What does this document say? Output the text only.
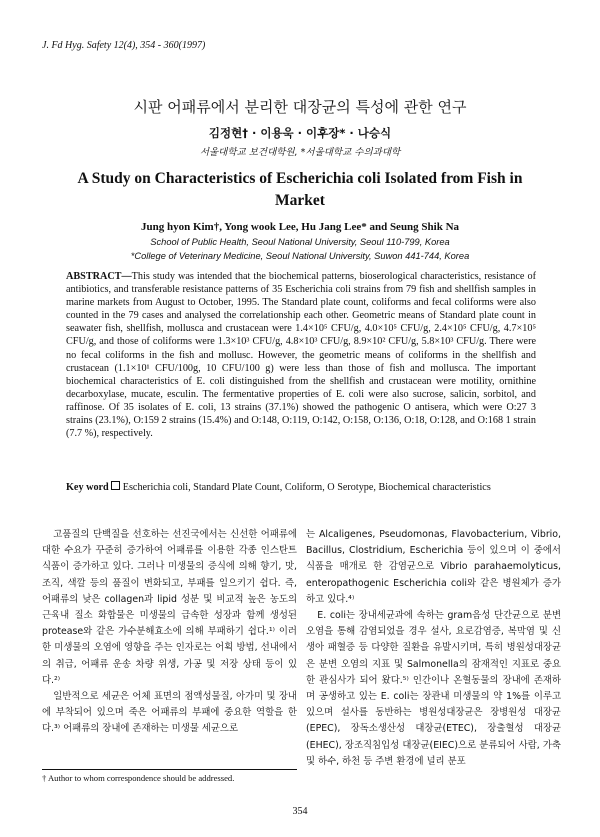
J. Fd Hyg. Safety 12(4), 354 - 360(1997)
시판 어패류에서 분리한 대장균의 특성에 관한 연구
김정현† · 이용욱 · 이후장* · 나승식
서울대학교 보건대학원, *서울대학교 수의과대학
A Study on Characteristics of Escherichia coli Isolated from Fish in Market
Jung hyon Kim†, Yong wook Lee, Hu Jang Lee* and Seung Shik Na
School of Public Health, Seoul National University, Seoul 110-799, Korea
*College of Veterinary Medicine, Seoul National University, Suwon 441-744, Korea
ABSTRACT—This study was intended that the biochemical patterns, bioserological characteristics, resistance of antibiotics, and transferable resistance patterns of 35 Escherichia coli strains from 79 fish and shellfish samples in marine markets from August to October, 1995. The Standard plate count, coliforms and fecal coliforms were also counted in the 79 cases and analysed the correlationship each other. Geometric means of Standard plate count in seawater fish, shellfish, mollusca and crustacean were 1.4×10⁵ CFU/g, 4.0×10⁵ CFU/g, 2.4×10⁵ CFU/g, 4.7×10⁵ CFU/g, and those of coliforms were 1.3×10³ CFU/g, 4.8×10³ CFU/g, 8.9×10² CFU/g, 5.8×10³ CFU/g. There were no fecal coliforms in the fish and mollusc. However, the geometric means of coliforms in the shellfish and crustacean (1.1×10¹ CFU/100g, 10 CFU/100 g) were less than those of fish and mollusca. The important biochemical characteristics of E. coli distinguished from the shellfish and crustacean were motility, ornithine decarboxylase, mucate, esculin. The fermentative properties of E. coli were also sucrose, salicin, sorbitol, and raffinose. Of 35 isolates of E. coli, 13 strains (37.1%) showed the pathogenic O antisera, which were O:27 3 strains (23.1%), O:159 2 strains (15.4%) and O:148, O:119, O:142, O:158, O:136, O:18, O:128, and O:168 1 strain (7.7 %), respectively.
Key word Escherichia coli, Standard Plate Count, Coliform, O Serotype, Biochemical characteristics

고품질의 단백질을 선호하는 선진국에서는 신선한 어패류에 대한 수요가 꾸준히 증가하여 어패류를 이용한 각종 인스탄트 식품이 증가하고 있다. 그러나 미생물의 증식에 의해 향기, 맛, 조직, 색깔 등의 품질이 변화되고, 부패를 일으키기 쉽다. 즉, 어패류의 낮은 collagen과 lipid 성분 및 비교적 높은 농도의 근육내 질소 화합물은 미생물의 급속한 성장과 함께 생성된 protease와 같은 가수분해효소에 의해 부패하기 쉽다.¹⁾ 이러한 미생물의 오염에 영향을 주는 인자로는 어획 방법, 선내에서의 취급, 어패류 운송 차량 위생, 가공 및 저장 상태 등이 있다.²⁾

일반적으로 세균은 어체 표면의 점액성물질, 아가미 및 장내에 부착되어 있으며 죽은 어패류의 부패에 중요한 역할을 한다.³⁾ 어패류의 장내에 존재하는 미생물 세균으로

는 Alcaligenes, Pseudomonas, Flavobacterium, Vibrio, Bacillus, Clostridium, Escherichia 등이 있으며 이 중에서 식품을 매개로 한 감염균으로 Vibrio parahaemolyticus, enteropathogenic Escherichia coli와 같은 병원체가 증가하고 있다.⁴⁾

E. coli는 장내세균과에 속하는 gram음성 단간균으로 분변오염을 통해 감염되었을 경우 설사, 요로감염증, 복막염 및 신생아 패혈증 등 다양한 질환을 유발시키며, 특히 병원성대장균은 분변 오염의 지표 및 Salmonella의 잠재적인 지표로 중요한 관심사가 되어 왔다.⁵⁾ 인간이나 온혈동물의 장내에 존재하며 공생하고 있는 E. coli는 장관내 미생물의 약 1%를 이루고 있으며 설사를 동반하는 병원성대장균은 장병원성 대장균(EPEC), 장독소생산성 대장균(ETEC), 장출혈성 대장균(EHEC), 장조직침입성 대장균(EIEC)으로 분류되어 사람, 가축 및 하수, 하천 등 주변 환경에 널리 분포

† Author to whom correspondence should be addressed.
354
